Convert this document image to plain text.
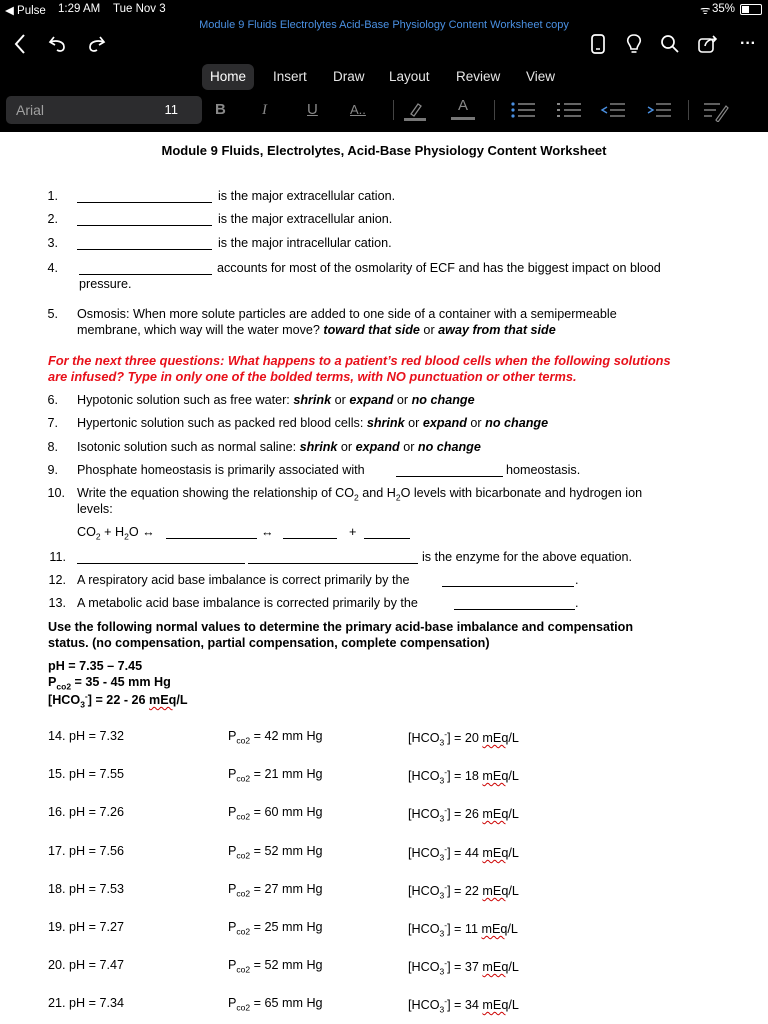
◀ Pulse 1:29 AM Tue Nov 3	ᯤ 35%
Module 9 Fluids Electrolytes Acid-Base Physiology Content Worksheet copy
···
Home	Insert	Draw	Layout	Review	View
Arial	11 B I	U A..	A
Module 9 Fluids, Electrolytes, Acid-Base Physiology Content Worksheet
1.	is the major extracellular cation.
2.	is the major extracellular anion.
3.	is the major intracellular cation.
4.	accounts for most of the osmolarity of ECF and has the biggest impact on blood
pressure.
5. Osmosis: When more solute particles are added to one side of a container with a semipermeable
membrane, which way will the water move? toward that side or away from that side
For the next three questions: What happens to a patient’s red blood cells when the following solutions
are infused? Type in only one of the bolded terms, with NO punctuation or other terms.
6. Hypotonic solution such as free water: shrink or expand or no change
7. Hypertonic solution such as packed red blood cells: shrink or expand or no change
8. Isotonic solution such as normal saline: shrink or expand or no change
9. Phosphate homeostasis is primarily associated with	homeostasis.
10. Write the equation showing the relationship of $CO_2$ and $H_2O$ levels with bicarbonate and hydrogen ion
levels:
$CO_2 + H_2O$ ↔	↔	+
11.	is the enzyme for the above equation.
12. A respiratory acid base imbalance is correct primarily by the	.
13. A metabolic acid base imbalance is corrected primarily by the	.
Use the following normal values to determine the primary acid-base imbalance and compensation
status. (no compensation, partial compensation, complete compensation)
pH = 7.35 – 7.45
$P_{co2} = 35 - 45$ mm Hg
$[HCO_3^-] = 22 - 26$ mEq/L
14. pH = 7.32	$P_{co2} = 42$ mm Hg	$[HCO_3^-] = 20$ mEq/L
15. pH = 7.55	$P_{co2} = 21$ mm Hg	$[HCO_3^-] = 18$ mEq/L
16. pH = 7.26	$P_{co2} = 60$ mm Hg	$[HCO_3^-] = 26$ mEq/L
17. pH = 7.56	$P_{co2} = 52$ mm Hg	$[HCO_3^-] = 44$ mEq/L
18. pH = 7.53	$P_{co2} = 27$ mm Hg	$[HCO_3^-] = 22$ mEq/L
19. pH = 7.27	$P_{co2} = 25$ mm Hg	$[HCO_3^-] = 11$ mEq/L
20. pH = 7.47	$P_{co2} = 52$ mm Hg	$[HCO_3^-] = 37$ mEq/L
21. pH = 7.34	$P_{co2} = 65$ mm Hg	$[HCO_3^-] = 34$ mEq/L
